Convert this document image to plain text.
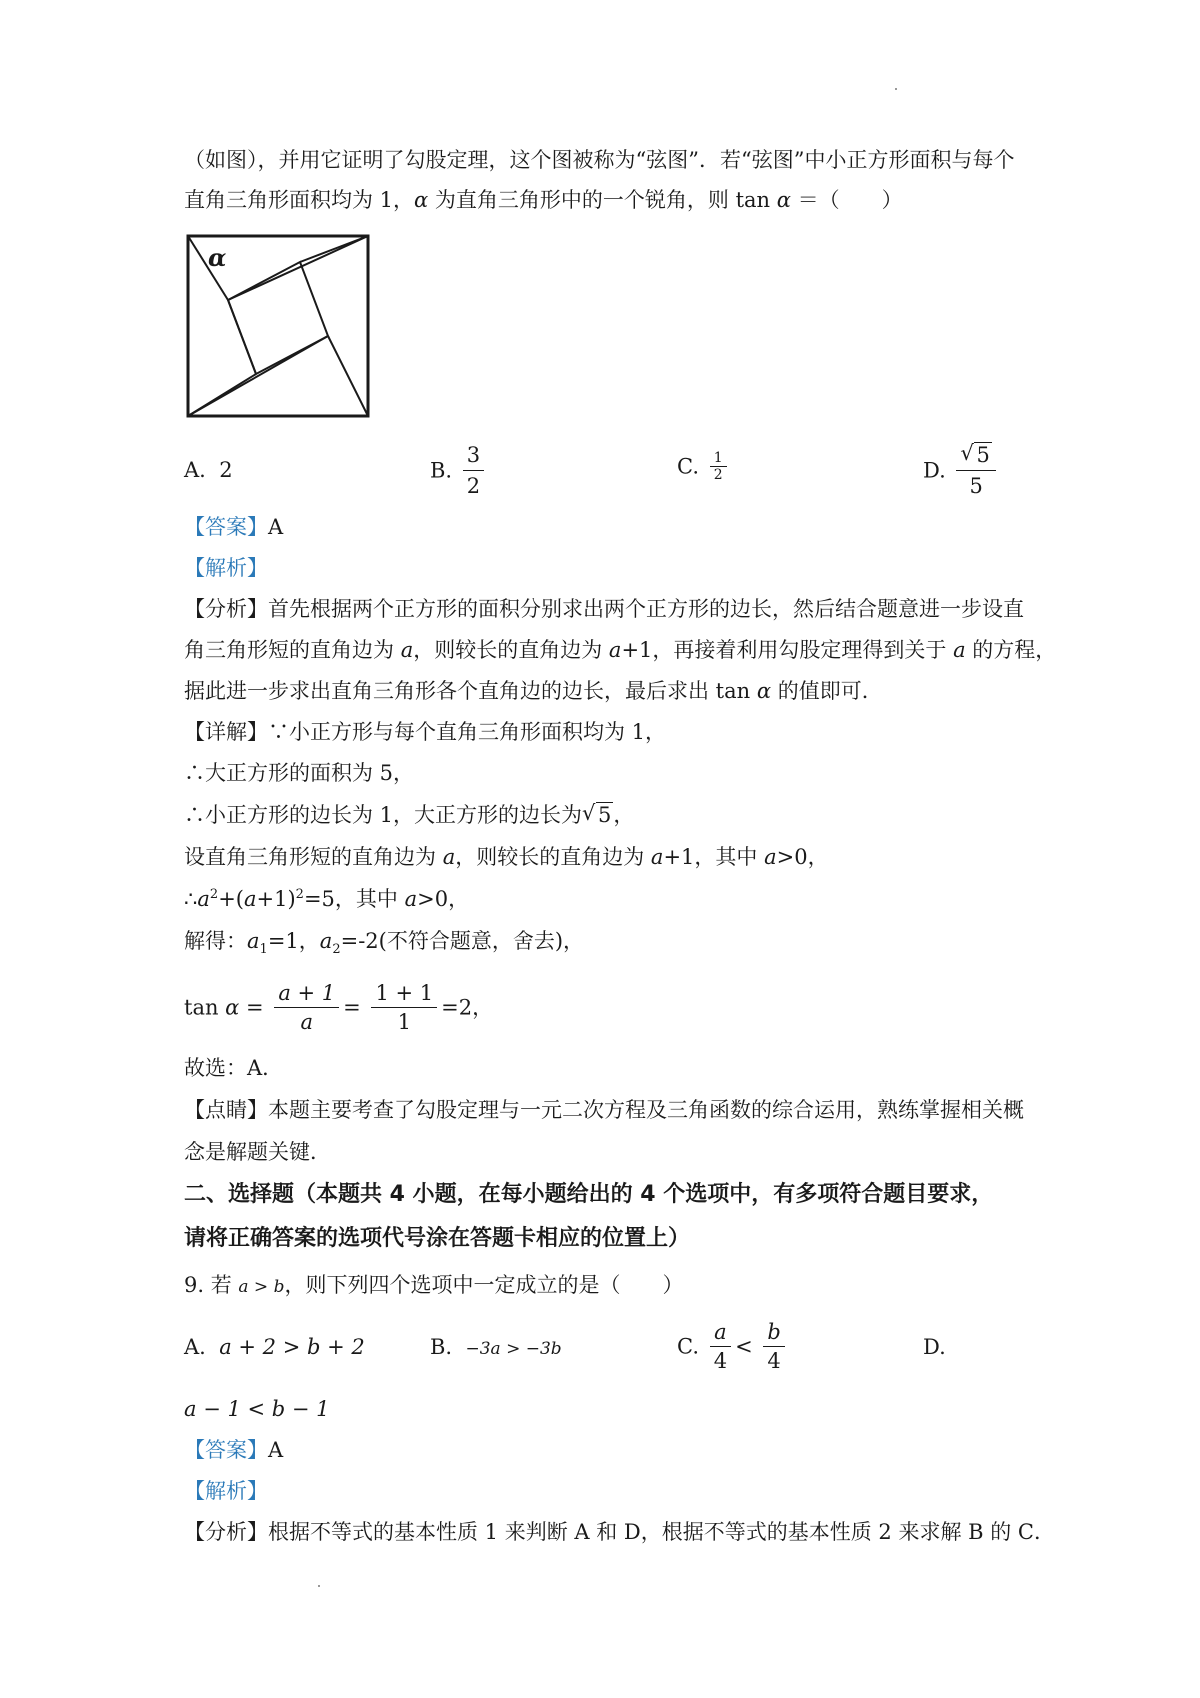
（如图），并用它证明了勾股定理，这个图被称为“弦图”．若“弦图”中小正方形面积与每个
直角三角形面积均为 1，α 为直角三角形中的一个锐角，则 tan α ＝（　　）
α
A. 2	B. $\frac{3}{2}$	C. $\frac{1}{2}$	D. √ $\frac{5}{5}$
【答案】A
【解析】
【分析】首先根据两个正方形的面积分别求出两个正方形的边长，然后结合题意进一步设直
角三角形短的直角边为 a，则较长的直角边为 a+1，再接着利用勾股定理得到关于 a 的方程，
据此进一步求出直角三角形各个直角边的边长，最后求出 tan α 的值即可．
【详解】∵小正方形与每个直角三角形面积均为 1，
∴大正方形的面积为 5，
∴小正方形的边长为 1，大正方形的边长为 √ 5，
设直角三角形短的直角边为 a，则较长的直角边为 a+1，其中 a>0，
$\therefore a^2+(a+1)^2=5$，其中 a>0，
解得：$a_1=1$，$a_2=-2$(不符合题意，舍去)，
$\tan \alpha = \frac{a + 1}{a} = \frac{1 + 1}{1} =2$，
故选：A．
【点睛】本题主要考查了勾股定理与一元二次方程及三角函数的综合运用，熟练掌握相关概
念是解题关键．
二、选择题（本题共 4 小题，在每小题给出的 4 个选项中，有多项符合题目要求，
请将正确答案的选项代号涂在答题卡相应的位置上）
9. 若 a > b，则下列四个选项中一定成立的是（　　）
A. a + 2 > b + 2	B. −3a > −3b	C. $\frac{a}{4} < \frac{b}{4}$	D.
a − 1 < b − 1
【答案】A
【解析】
【分析】根据不等式的基本性质 1 来判断 A 和 D，根据不等式的基本性质 2 来求解 B 的 C．
